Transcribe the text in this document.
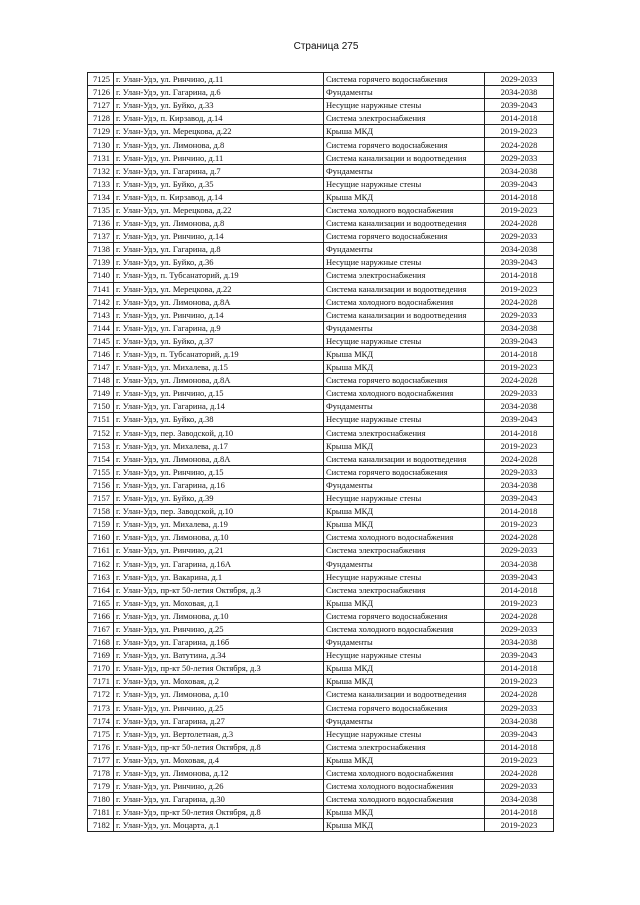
Страница 275
7125	г. Улан-Удэ, ул. Ринчино, д.11	Система горячего водоснабжения	2029-2033
7126	г. Улан-Удэ, ул. Гагарина, д.6	Фундаменты	2034-2038
7127	г. Улан-Удэ, ул. Буйко, д.33	Несущие наружные стены	2039-2043
7128	г. Улан-Удэ, п. Кирзавод, д.14	Система электроснабжения	2014-2018
7129	г. Улан-Удэ, ул. Мерецкова, д.22	Крыша МКД	2019-2023
7130	г. Улан-Удэ, ул. Лимонова, д.8	Система горячего водоснабжения	2024-2028
7131	г. Улан-Удэ, ул. Ринчино, д.11	Система канализации и водоотведения	2029-2033
7132	г. Улан-Удэ, ул. Гагарина, д.7	Фундаменты	2034-2038
7133	г. Улан-Удэ, ул. Буйко, д.35	Несущие наружные стены	2039-2043
7134	г. Улан-Удэ, п. Кирзавод, д.14	Крыша МКД	2014-2018
7135	г. Улан-Удэ, ул. Мерецкова, д.22	Система холодного водоснабжения	2019-2023
7136	г. Улан-Удэ, ул. Лимонова, д.8	Система канализации и водоотведения	2024-2028
7137	г. Улан-Удэ, ул. Ринчино, д.14	Система горячего водоснабжения	2029-2033
7138	г. Улан-Удэ, ул. Гагарина, д.8	Фундаменты	2034-2038
7139	г. Улан-Удэ, ул. Буйко, д.36	Несущие наружные стены	2039-2043
7140	г. Улан-Удэ, п. Тубсанаторий, д.19	Система электроснабжения	2014-2018
7141	г. Улан-Удэ, ул. Мерецкова, д.22	Система канализации и водоотведения	2019-2023
7142	г. Улан-Удэ, ул. Лимонова, д.8А	Система холодного водоснабжения	2024-2028
7143	г. Улан-Удэ, ул. Ринчино, д.14	Система канализации и водоотведения	2029-2033
7144	г. Улан-Удэ, ул. Гагарина, д.9	Фундаменты	2034-2038
7145	г. Улан-Удэ, ул. Буйко, д.37	Несущие наружные стены	2039-2043
7146	г. Улан-Удэ, п. Тубсанаторий, д.19	Крыша МКД	2014-2018
7147	г. Улан-Удэ, ул. Михалева, д.15	Крыша МКД	2019-2023
7148	г. Улан-Удэ, ул. Лимонова, д.8А	Система горячего водоснабжения	2024-2028
7149	г. Улан-Удэ, ул. Ринчино, д.15	Система холодного водоснабжения	2029-2033
7150	г. Улан-Удэ, ул. Гагарина, д.14	Фундаменты	2034-2038
7151	г. Улан-Удэ, ул. Буйко, д.38	Несущие наружные стены	2039-2043
7152	г. Улан-Удэ, пер. Заводской, д.10	Система электроснабжения	2014-2018
7153	г. Улан-Удэ, ул. Михалева, д.17	Крыша МКД	2019-2023
7154	г. Улан-Удэ, ул. Лимонова, д.8А	Система канализации и водоотведения	2024-2028
7155	г. Улан-Удэ, ул. Ринчино, д.15	Система горячего водоснабжения	2029-2033
7156	г. Улан-Удэ, ул. Гагарина, д.16	Фундаменты	2034-2038
7157	г. Улан-Удэ, ул. Буйко, д.39	Несущие наружные стены	2039-2043
7158	г. Улан-Удэ, пер. Заводской, д.10	Крыша МКД	2014-2018
7159	г. Улан-Удэ, ул. Михалева, д.19	Крыша МКД	2019-2023
7160	г. Улан-Удэ, ул. Лимонова, д.10	Система холодного водоснабжения	2024-2028
7161	г. Улан-Удэ, ул. Ринчино, д.21	Система электроснабжения	2029-2033
7162	г. Улан-Удэ, ул. Гагарина, д.16А	Фундаменты	2034-2038
7163	г. Улан-Удэ, ул. Вакарина, д.1	Несущие наружные стены	2039-2043
7164	г. Улан-Удэ, пр-кт 50-летия Октября, д.3	Система электроснабжения	2014-2018
7165	г. Улан-Удэ, ул. Моховая, д.1	Крыша МКД	2019-2023
7166	г. Улан-Удэ, ул. Лимонова, д.10	Система горячего водоснабжения	2024-2028
7167	г. Улан-Удэ, ул. Ринчино, д.25	Система холодного водоснабжения	2029-2033
7168	г. Улан-Удэ, ул. Гагарина, д.16б	Фундаменты	2034-2038
7169	г. Улан-Удэ, ул. Ватутина, д.34	Несущие наружные стены	2039-2043
7170	г. Улан-Удэ, пр-кт 50-летия Октября, д.3	Крыша МКД	2014-2018
7171	г. Улан-Удэ, ул. Моховая, д.2	Крыша МКД	2019-2023
7172	г. Улан-Удэ, ул. Лимонова, д.10	Система канализации и водоотведения	2024-2028
7173	г. Улан-Удэ, ул. Ринчино, д.25	Система горячего водоснабжения	2029-2033
7174	г. Улан-Удэ, ул. Гагарина, д.27	Фундаменты	2034-2038
7175	г. Улан-Удэ, ул. Вертолетная, д.3	Несущие наружные стены	2039-2043
7176	г. Улан-Удэ, пр-кт 50-летия Октября, д.8	Система электроснабжения	2014-2018
7177	г. Улан-Удэ, ул. Моховая, д.4	Крыша МКД	2019-2023
7178	г. Улан-Удэ, ул. Лимонова, д.12	Система холодного водоснабжения	2024-2028
7179	г. Улан-Удэ, ул. Ринчино, д.26	Система холодного водоснабжения	2029-2033
7180	г. Улан-Удэ, ул. Гагарина, д.30	Система холодного водоснабжения	2034-2038
7181	г. Улан-Удэ, пр-кт 50-летия Октября, д.8	Крыша МКД	2014-2018
7182	г. Улан-Удэ, ул. Моцарта, д.1	Крыша МКД	2019-2023
